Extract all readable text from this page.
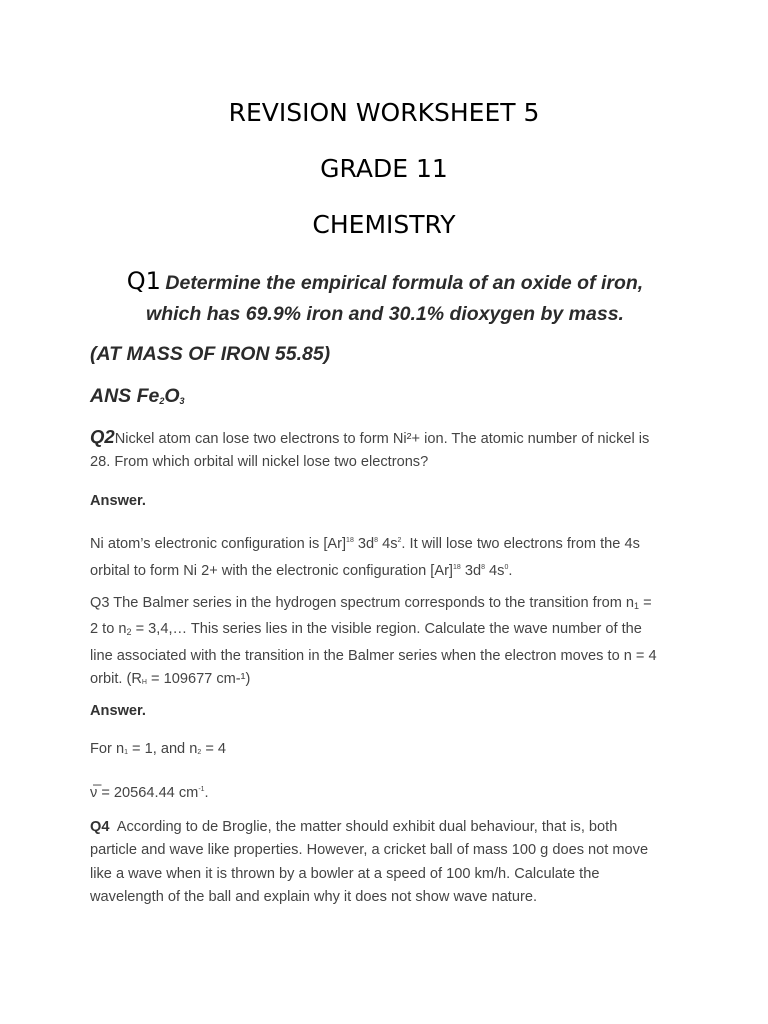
REVISION WORKSHEET 5
GRADE 11
CHEMISTRY
Q1 Determine the empirical formula of an oxide of iron,
which has 69.9% iron and 30.1% dioxygen by mass.
(AT MASS OF IRON 55.85)
ANS $Fe_2O_3$
Q2Nickel atom can lose two electrons to form Ni²+ ion. The atomic number of nickel is
28. From which orbital will nickel lose two electrons?
Answer.
Ni atom’s electronic configuration is $[Ar]^{18}$ $3d^8$ $4s^2$. It will lose two electrons from the 4s
orbital to form Ni 2+ with the electronic configuration $[Ar]^{18}$ $3d^8$ $4s^0$.
Q3 The Balmer series in the hydrogen spectrum corresponds to the transition from $n_1$ =
2 to $n_2$ = 3,4,… This series lies in the visible region. Calculate the wave number of the
line associated with the transition in the Balmer series when the electron moves to n = 4
orbit. (RH = 109677 cm-¹)
Answer.
For n1 = 1, and n2 = 4
ν̅ = 20564.44 $cm^{-1}$.
Q4 According to de Broglie, the matter should exhibit dual behaviour, that is, both
particle and wave like properties. However, a cricket ball of mass 100 g does not move
like a wave when it is thrown by a bowler at a speed of 100 km/h. Calculate the
wavelength of the ball and explain why it does not show wave nature.
